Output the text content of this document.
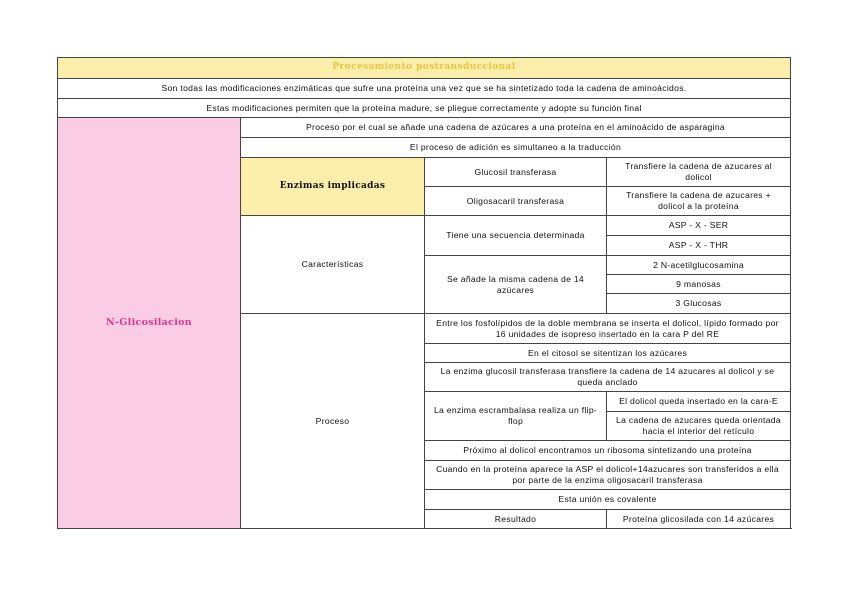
Procesamiento postransduccional			
Son todas las modificaciones enzimáticas que sufre una proteína una vez que se ha sintetizado toda la cadena de aminoácidos.			
Estas modificaciones permiten que la proteína madure, se pliegue correctamente y adopte su función final			
N-Glicosilacion	Proceso por el cual se añade una cadena de azúcares a una proteína en el aminoácido de asparagina		
	El proceso de adición es simultaneo a la traducción		
	Enzimas implicadas	Glucosil transferasa	Transfiere la cadena de azucares al dolicol
		Oligosacaril transferasa	Transfiere la cadena de azucares + dolicol a la proteína
	Características	Tiene una secuencia determinada	ASP - X - SER
			ASP - X - THR
		Se añade la misma cadena de 14 azúcares	2 N-acetilglucosamina
			9 manosas
			3 Glucosas
	Proceso	Entre los fosfolípidos de la doble membrana se inserta el dolicol, lípido formado por 16 unidades de isopreso insertado en la cara P del RE	
		En el citosol se sitentizan los azúcares	
		La enzima glucosil transferasa transfiere la cadena de 14 azucares al dolicol y se queda anclado	
		La enzima escrambalasa realiza un flip-flop	El dolicol queda insertado en la cara-E
			La cadena de azucares queda orientada hacia el interior del retículo
		Próximo al dolicol encontramos un ribosoma sintetizando una proteína	
		Cuando en la proteína aparece la ASP el dolicol+14azucares son transferidos a ella por parte de la enzima oligosacaril transferasa	
		Esta unión es covalente	
		Resultado	Proteína glicosilada con 14 azúcares
